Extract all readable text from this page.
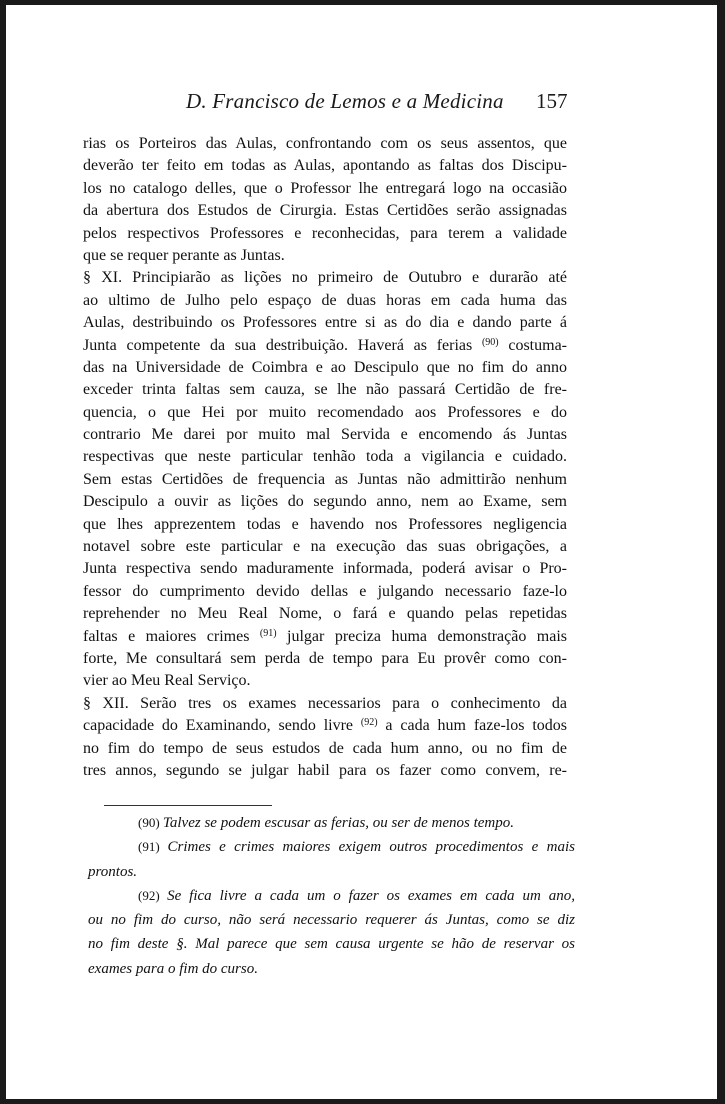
D. Francisco de Lemos e a Medicina 157
rias os Porteiros das Aulas, confrontando com os seus assentos, que
deverão ter feito em todas as Aulas, apontando as faltas dos Discipu-
los no catalogo delles, que o Professor lhe entregará logo na occasião
da abertura dos Estudos de Cirurgia. Estas Certidões serão assignadas
pelos respectivos Professores e reconhecidas, para terem a validade
que se requer perante as Juntas.
§ XI. Principiarão as lições no primeiro de Outubro e durarão até
ao ultimo de Julho pelo espaço de duas horas em cada huma das
Aulas, destribuindo os Professores entre si as do dia e dando parte á
Junta competente da sua destribuição. Haverá as ferias $^{(90)}$ costuma-
das na Universidade de Coimbra e ao Descipulo que no fim do anno
exceder trinta faltas sem cauza, se lhe não passará Certidão de fre-
quencia, o que Hei por muito recomendado aos Professores e do
contrario Me darei por muito mal Servida e encomendo ás Juntas
respectivas que neste particular tenhão toda a vigilancia e cuidado.
Sem estas Certidões de frequencia as Juntas não admittirão nenhum
Descipulo a ouvir as lições do segundo anno, nem ao Exame, sem
que lhes apprezentem todas e havendo nos Professores negligencia
notavel sobre este particular e na execução das suas obrigações, a
Junta respectiva sendo maduramente informada, poderá avisar o Pro-
fessor do cumprimento devido dellas e julgando necessario faze-lo
reprehender no Meu Real Nome, o fará e quando pelas repetidas
faltas e maiores crimes $^{(91)}$ julgar preciza huma demonstração mais
forte, Me consultará sem perda de tempo para Eu provêr como con-
vier ao Meu Real Serviço.
§ XII. Serão tres os exames necessarios para o conhecimento da
capacidade do Examinando, sendo livre $^{(92)}$ a cada hum faze-los todos
no fim do tempo de seus estudos de cada hum anno, ou no fim de
tres annos, segundo se julgar habil para os fazer como convem, re-
(90) Talvez se podem escusar as ferias, ou ser de menos tempo.
(91) Crimes e crimes maiores exigem outros procedimentos e mais
prontos.
(92) Se fica livre a cada um o fazer os exames em cada um ano,
ou no fim do curso, não será necessario requerer ás Juntas, como se diz
no fim deste §. Mal parece que sem causa urgente se hão de reservar os
exames para o fim do curso.
